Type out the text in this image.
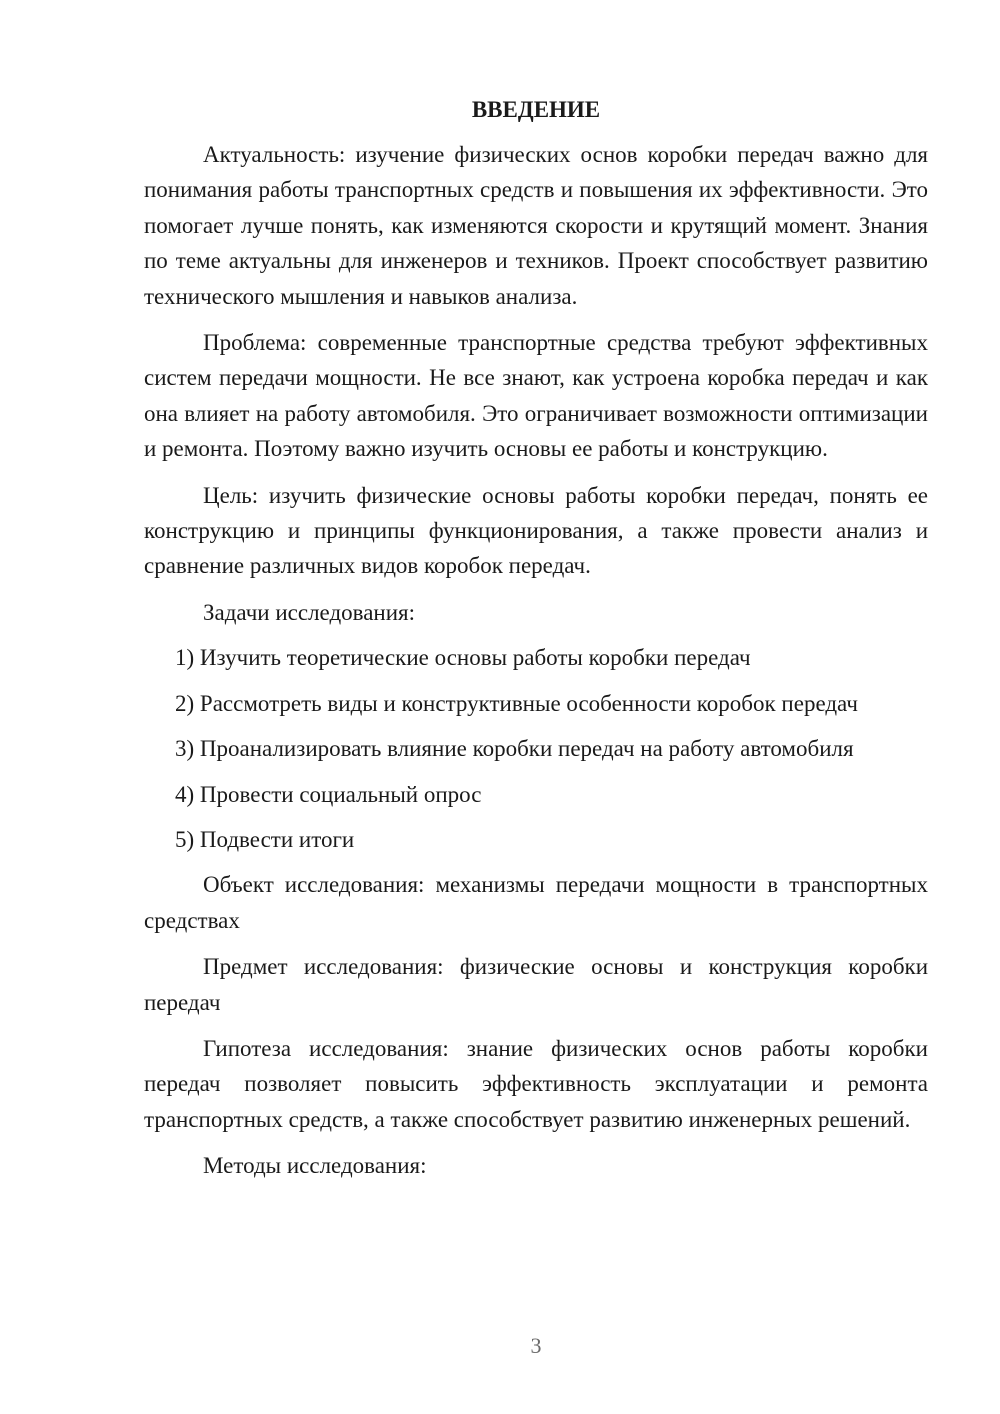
ВВЕДЕНИЕ

Актуальность: изучение физических основ коробки передач важно для понимания работы транспортных средств и повышения их эффективности. Это помогает лучше понять, как изменяются скорости и крутящий момент. Знания по теме актуальны для инженеров и техников. Проект способствует развитию технического мышления и навыков анализа.

Проблема: современные транспортные средства требуют эффективных систем передачи мощности. Не все знают, как устроена коробка передач и как она влияет на работу автомобиля. Это ограничивает возможности оптимизации и ремонта. Поэтому важно изучить основы ее работы и конструкцию.

Цель: изучить физические основы работы коробки передач, понять ее конструкцию и принципы функционирования, а также провести анализ и сравнение различных видов коробок передач.

Задачи исследования:

1) Изучить теоретические основы работы коробки передач
2) Рассмотреть виды и конструктивные особенности коробок передач
3) Проанализировать влияние коробки передач на работу автомобиля
4) Провести социальный опрос
5) Подвести итоги

Объект исследования: механизмы передачи мощности в транспортных средствах

Предмет исследования: физические основы и конструкция коробки передач

Гипотеза исследования: знание физических основ работы коробки передач позволяет повысить эффективность эксплуатации и ремонта транспортных средств, а также способствует развитию инженерных решений.

Методы исследования:

3
